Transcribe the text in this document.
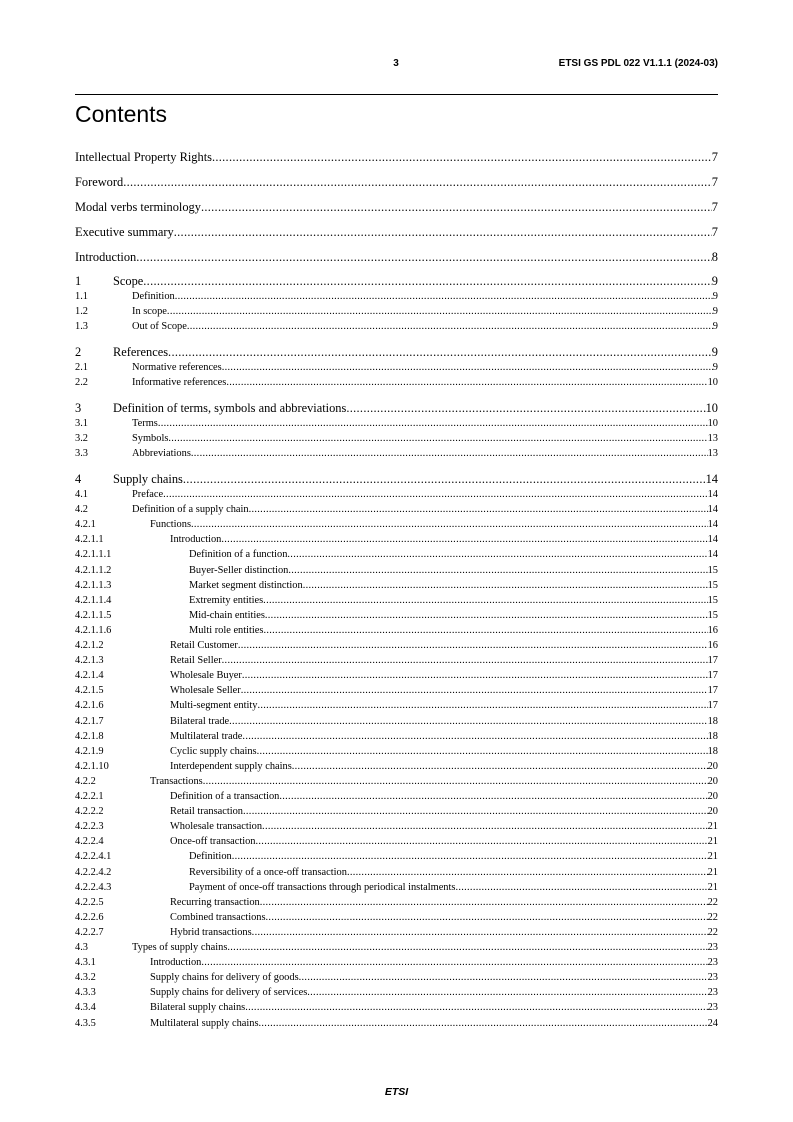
3	ETSI GS PDL 022 V1.1.1 (2024-03)
Contents
Intellectual Property Rights .....	7
Foreword .....	7
Modal verbs terminology .....	7
Executive summary .....	7
Introduction .....	8
1	Scope .....	9
1.1	Definition .....	9
1.2	In scope .....	9
1.3	Out of Scope .....	9
2	References .....	9
2.1	Normative references .....	9
2.2	Informative references .....	10
3	Definition of terms, symbols and abbreviations .....	10
3.1	Terms .....	10
3.2	Symbols .....	13
3.3	Abbreviations .....	13
4	Supply chains .....	14
4.1	Preface .....	14
4.2	Definition of a supply chain .....	14
4.2.1	Functions .....	14
4.2.1.1	Introduction .....	14
4.2.1.1.1	Definition of a function .....	14
4.2.1.1.2	Buyer-Seller distinction .....	15
4.2.1.1.3	Market segment distinction .....	15
4.2.1.1.4	Extremity entities .....	15
4.2.1.1.5	Mid-chain entities .....	15
4.2.1.1.6	Multi role entities .....	16
4.2.1.2	Retail Customer .....	16
4.2.1.3	Retail Seller .....	17
4.2.1.4	Wholesale Buyer .....	17
4.2.1.5	Wholesale Seller .....	17
4.2.1.6	Multi-segment entity .....	17
4.2.1.7	Bilateral trade .....	18
4.2.1.8	Multilateral trade .....	18
4.2.1.9	Cyclic supply chains .....	18
4.2.1.10	Interdependent supply chains .....	20
4.2.2	Transactions .....	20
4.2.2.1	Definition of a transaction .....	20
4.2.2.2	Retail transaction .....	20
4.2.2.3	Wholesale transaction .....	21
4.2.2.4	Once-off transaction .....	21
4.2.2.4.1	Definition .....	21
4.2.2.4.2	Reversibility of a once-off transaction .....	21
4.2.2.4.3	Payment of once-off transactions through periodical instalments .....	21
4.2.2.5	Recurring transaction .....	22
4.2.2.6	Combined transactions .....	22
4.2.2.7	Hybrid transactions .....	22
4.3	Types of supply chains .....	23
4.3.1	Introduction .....	23
4.3.2	Supply chains for delivery of goods .....	23
4.3.3	Supply chains for delivery of services .....	23
4.3.4	Bilateral supply chains .....	23
4.3.5	Multilateral supply chains .....	24
ETSI
